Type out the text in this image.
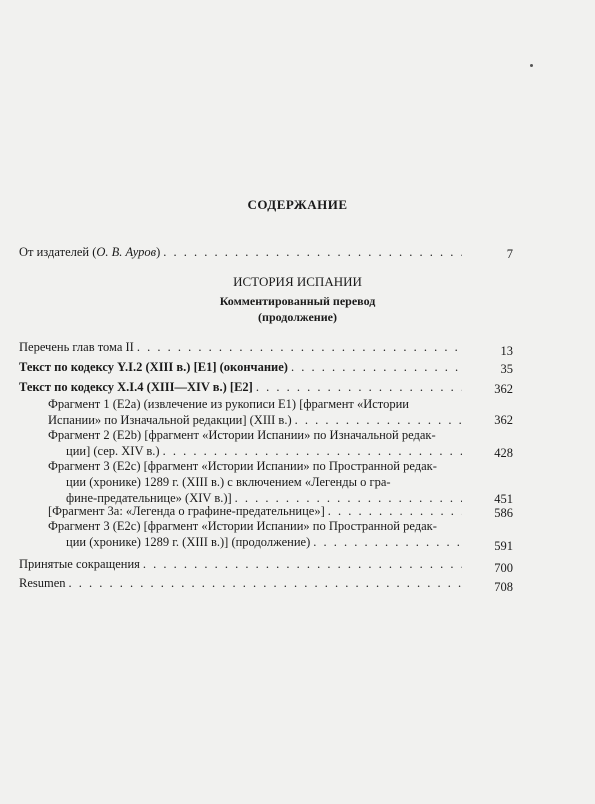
СОДЕРЖАНИЕ
От издателей (О. В. Ауров) . . .	7
ИСТОРИЯ ИСПАНИИ
Комментированный перевод
(продолжение)
Перечень глав тома II . . .	13
Текст по кодексу Y.I.2 (XIII в.) [E1] (окончание) . . .	35
Текст по кодексу X.I.4 (XIII—XIV в.) [E2] . . .	362
Фрагмент 1 (E2a) (извлечение из рукописи E1) [фрагмент «Истории
Испании» по Изначальной редакции] (XIII в.) . . .	362
Фрагмент 2 (E2b) [фрагмент «Истории Испании» по Изначальной редак-
ции] (сер. XIV в.) . . .	428
Фрагмент 3 (E2c) [фрагмент «Истории Испании» по Пространной редак-
ции (хронике) 1289 г. (XIII в.) с включением «Легенды о гра-
фине-предательнице» (XIV в.)] . . .	451
[Фрагмент 3а: «Легенда о графине-предательнице»] . . .	586
Фрагмент 3 (E2c) [фрагмент «Истории Испании» по Пространной редак-
ции (хронике) 1289 г. (XIII в.)] (продолжение) . . .	591
Принятые сокращения . . .	700
Resumen . . .	708
